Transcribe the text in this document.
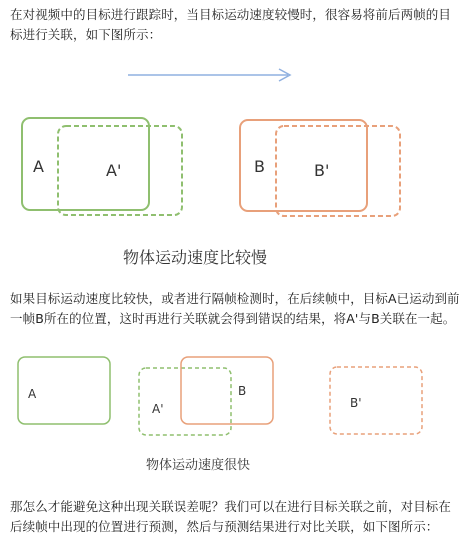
在对视频中的目标进行跟踪时，当目标运动速度较慢时，很容易将前后两帧的目标进行关联，如下图所示：

A	A'	B	B'
物体运动速度比较慢

如果目标运动速度比较快，或者进行隔帧检测时，在后续帧中，目标A已运动到前一帧B所在的位置，这时再进行关联就会得到错误的结果，将A'与B关联在一起。

A
A'
B
B'
物体运动速度很快

那怎么才能避免这种出现关联误差呢？我们可以在进行目标关联之前，对目标在后续帧中出现的位置进行预测，然后与预测结果进行对比关联，如下图所示：
